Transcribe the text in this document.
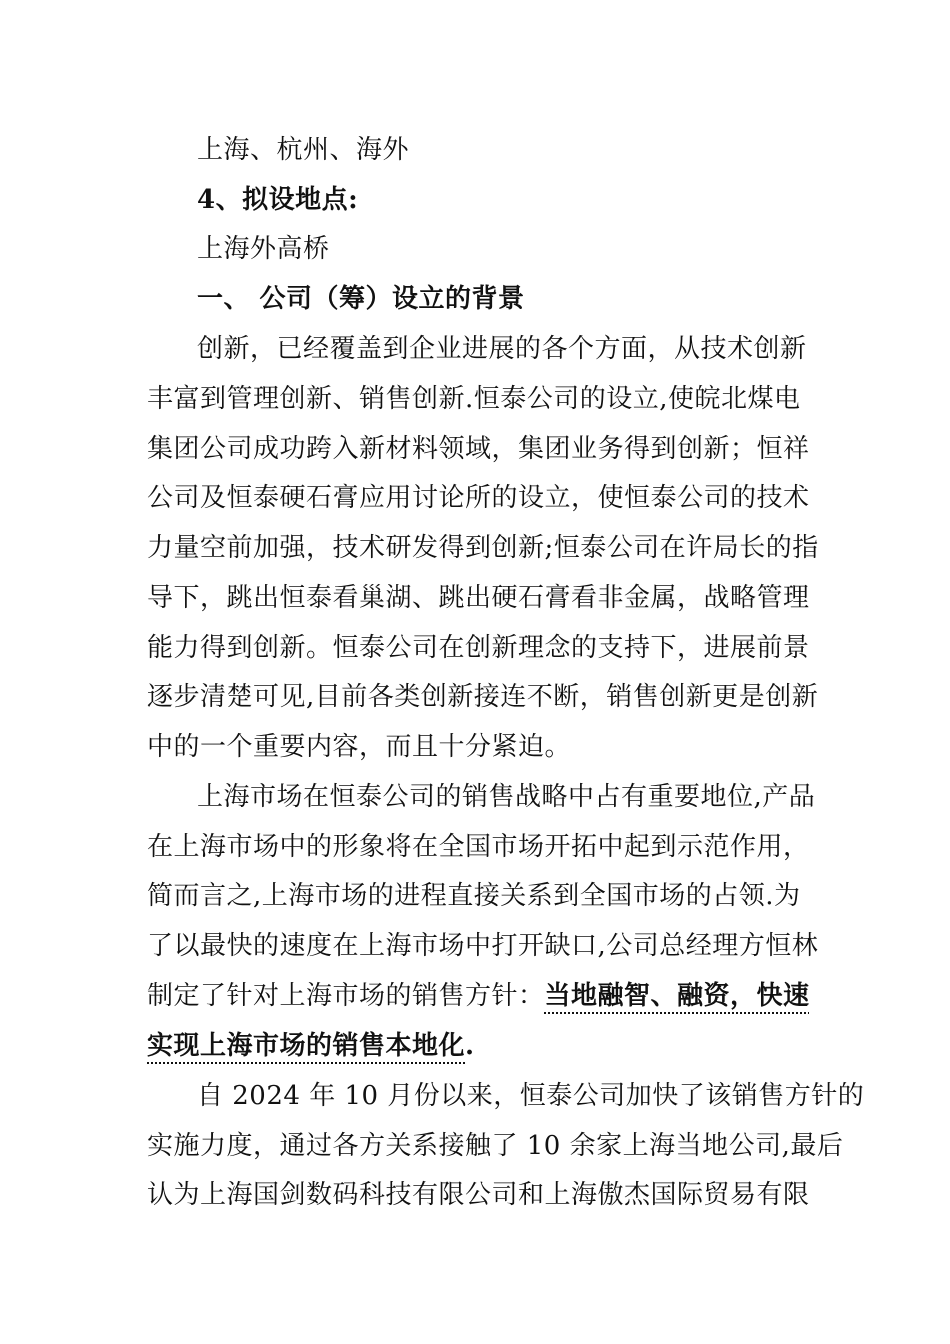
上海、杭州、海外
4、拟设地点:
上海外高桥
一、 公司（筹）设立的背景
创新，已经覆盖到企业进展的各个方面，从技术创新
丰富到管理创新、销售创新.恒泰公司的设立,使皖北煤电
集团公司成功跨入新材料领域，集团业务得到创新；恒祥
公司及恒泰硬石膏应用讨论所的设立，使恒泰公司的技术
力量空前加强，技术研发得到创新;恒泰公司在许局长的指
导下，跳出恒泰看巢湖、跳出硬石膏看非金属，战略管理
能力得到创新。恒泰公司在创新理念的支持下，进展前景
逐步清楚可见,目前各类创新接连不断，销售创新更是创新
中的一个重要内容，而且十分紧迫。
上海市场在恒泰公司的销售战略中占有重要地位,产品
在上海市场中的形象将在全国市场开拓中起到示范作用，
简而言之,上海市场的进程直接关系到全国市场的占领.为
了以最快的速度在上海市场中打开缺口,公司总经理方恒林
制定了针对上海市场的销售方针：当地融智、融资，快速
实现上海市场的销售本地化.
自 2024 年 10 月份以来，恒泰公司加快了该销售方针的
实施力度，通过各方关系接触了 10 余家上海当地公司,最后
认为上海国剑数码科技有限公司和上海傲杰国际贸易有限
